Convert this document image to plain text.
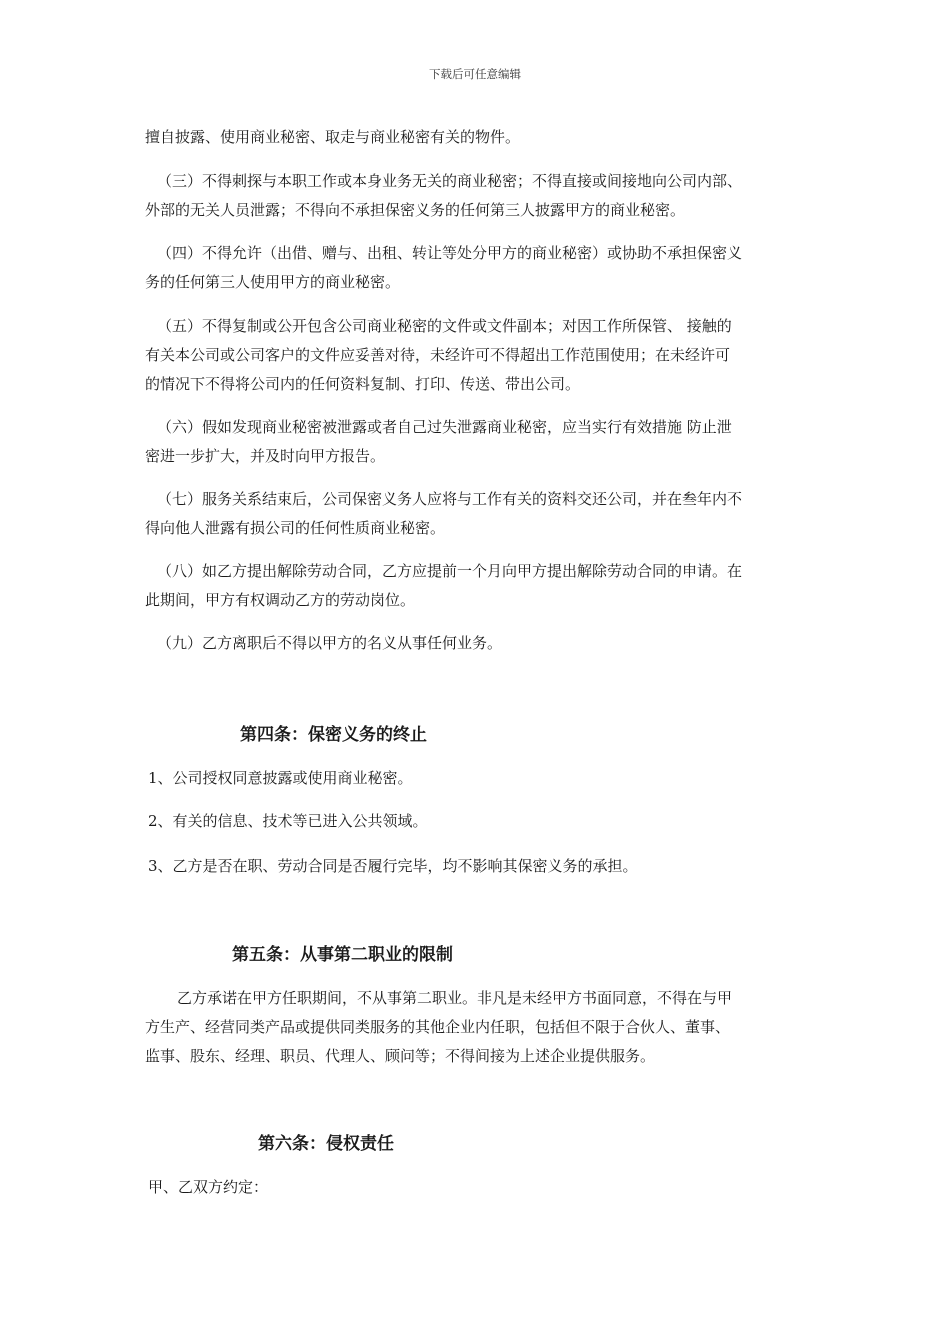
下载后可任意编辑

擅自披露、使用商业秘密、取走与商业秘密有关的物件。

（三）不得刺探与本职工作或本身业务无关的商业秘密；不得直接或间接地向公司内部、
外部的无关人员泄露；不得向不承担保密义务的任何第三人披露甲方的商业秘密。

（四）不得允许（出借、赠与、出租、转让等处分甲方的商业秘密）或协助不承担保密义
务的任何第三人使用甲方的商业秘密。

（五）不得复制或公开包含公司商业秘密的文件或文件副本；对因工作所保管、 接触的
有关本公司或公司客户的文件应妥善对待，未经许可不得超出工作范围使用；在未经许可
的情况下不得将公司内的任何资料复制、打印、传送、带出公司。

（六）假如发现商业秘密被泄露或者自己过失泄露商业秘密，应当实行有效措施 防止泄
密进一步扩大，并及时向甲方报告。

（七）服务关系结束后，公司保密义务人应将与工作有关的资料交还公司，并在叁年内不
得向他人泄露有损公司的任何性质商业秘密。

（八）如乙方提出解除劳动合同，乙方应提前一个月向甲方提出解除劳动合同的申请。在
此期间，甲方有权调动乙方的劳动岗位。

（九）乙方离职后不得以甲方的名义从事任何业务。

第四条：保密义务的终止

1、公司授权同意披露或使用商业秘密。

2、有关的信息、技术等已进入公共领域。

3、乙方是否在职、劳动合同是否履行完毕，均不影响其保密义务的承担。

第五条：从事第二职业的限制

乙方承诺在甲方任职期间，不从事第二职业。非凡是未经甲方书面同意，不得在与甲
方生产、经营同类产品或提供同类服务的其他企业内任职，包括但不限于合伙人、董事、
监事、股东、经理、职员、代理人、顾问等；不得间接为上述企业提供服务。

第六条：侵权责任

甲、乙双方约定：
